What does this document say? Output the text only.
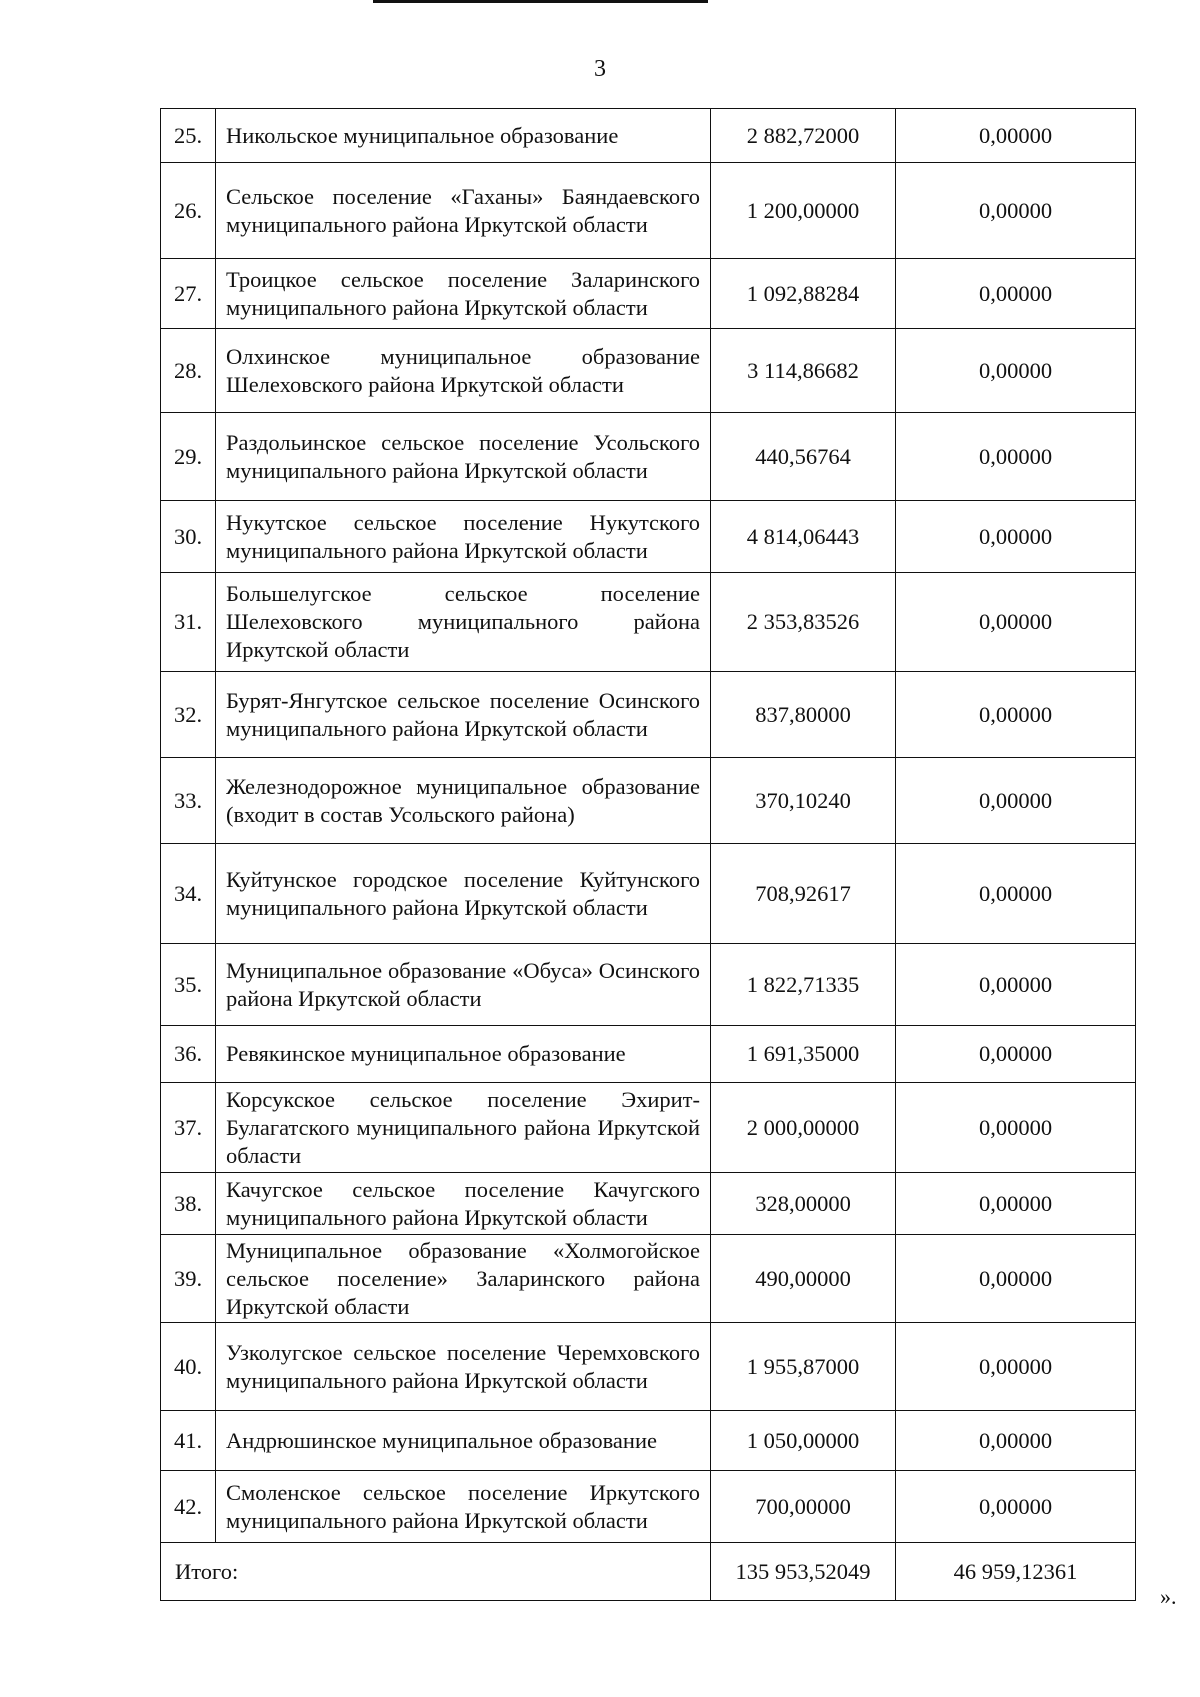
3
25.	Никольское муниципальное образование	2 882,72000	0,00000
26.	Сельское поселение «Гаханы» Баяндаевского муниципального района Иркутской области	1 200,00000	0,00000
27.	Троицкое сельское поселение Заларинского муниципального района Иркутской области	1 092,88284	0,00000
28.	Олхинское муниципальное образование Шелеховского района Иркутской области	3 114,86682	0,00000
29.	Раздольинское сельское поселение Усольского муниципального района Иркутской области	440,56764	0,00000
30.	Нукутское сельское поселение Нукутского муниципального района Иркутской области	4 814,06443	0,00000
31.	Большелугское сельское поселение Шелеховского муниципального района Иркутской области	2 353,83526	0,00000
32.	Бурят-Янгутское сельское поселение Осинского муниципального района Иркутской области	837,80000	0,00000
33.	Железнодорожное муниципальное образование (входит в состав Усольского района)	370,10240	0,00000
34.	Куйтунское городское поселение Куйтунского муниципального района Иркутской области	708,92617	0,00000
35.	Муниципальное образование «Обуса» Осинского района Иркутской области	1 822,71335	0,00000
36.	Ревякинское муниципальное образование	1 691,35000	0,00000
37.	Корсукское сельское поселение Эхирит-Булагатского муниципального района Иркутской области	2 000,00000	0,00000
38.	Качугское сельское поселение Качугского муниципального района Иркутской области	328,00000	0,00000
39.	Муниципальное образование «Холмогойское сельское поселение» Заларинского района Иркутской области	490,00000	0,00000
40.	Узколугское сельское поселение Черемховского муниципального района Иркутской области	1 955,87000	0,00000
41.	Андрюшинское муниципальное образование	1 050,00000	0,00000
42.	Смоленское сельское поселение Иркутского муниципального района Иркутской области	700,00000	0,00000
Итого:		135 953,52049	46 959,12361
».
